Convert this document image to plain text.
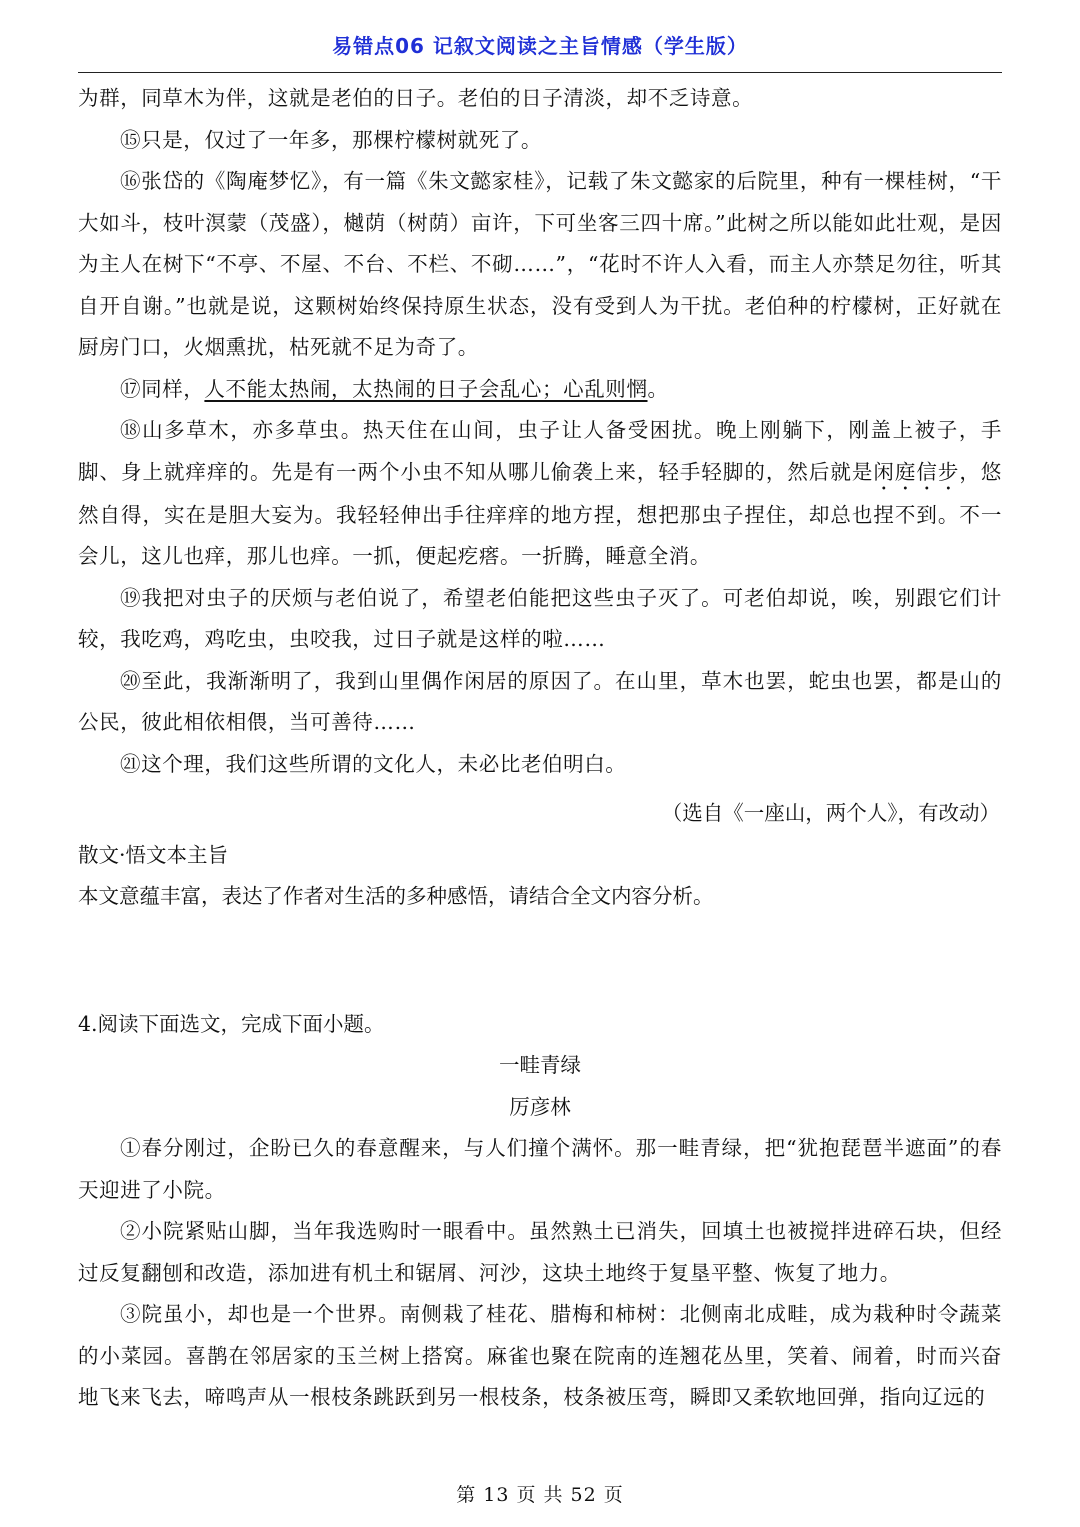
易错点06 记叙文阅读之主旨情感（学生版）

为群，同草木为伴，这就是老伯的日子。老伯的日子清淡，却不乏诗意。

⑮只是，仅过了一年多，那棵柠檬树就死了。

⑯张岱的《陶庵梦忆》，有一篇《朱文懿家桂》，记载了朱文懿家的后院里，种有一棵桂树，“干大如斗，枝叶溟蒙（茂盛），樾荫（树荫）亩许，下可坐客三四十席。”此树之所以能如此壮观，是因为主人在树下“不亭、不屋、不台、不栏、不砌……”，“花时不许人入看，而主人亦禁足勿往，听其自开自谢。”也就是说，这颗树始终保持原生状态，没有受到人为干扰。老伯种的柠檬树，正好就在厨房门口，火烟熏扰，枯死就不足为奇了。

⑰同样，人不能太热闹，太热闹的日子会乱心；心乱则惘。

⑱山多草木，亦多草虫。热天住在山间，虫子让人备受困扰。晚上刚躺下，刚盖上被子，手脚、身上就痒痒的。先是有一两个小虫不知从哪儿偷袭上来，轻手轻脚的，然后就是闲庭信步，悠然自得，实在是胆大妄为。我轻轻伸出手往痒痒的地方捏，想把那虫子捏住，却总也捏不到。不一会儿，这儿也痒，那儿也痒。一抓，便起疙瘩。一折腾，睡意全消。

⑲我把对虫子的厌烦与老伯说了，希望老伯能把这些虫子灭了。可老伯却说，唉，别跟它们计较，我吃鸡，鸡吃虫，虫咬我，过日子就是这样的啦……

⑳至此，我渐渐明了，我到山里偶作闲居的原因了。在山里，草木也罢，蛇虫也罢，都是山的公民，彼此相依相偎，当可善待……

㉑这个理，我们这些所谓的文化人，未必比老伯明白。

（选自《一座山，两个人》，有改动）
散文·悟文本主旨
本文意蕴丰富，表达了作者对生活的多种感悟，请结合全文内容分析。
4.阅读下面选文，完成下面小题。
一畦青绿
厉彦林

①春分刚过，企盼已久的春意醒来，与人们撞个满怀。那一畦青绿，把“犹抱琵琶半遮面”的春天迎进了小院。

②小院紧贴山脚，当年我选购时一眼看中。虽然熟土已消失，回填土也被搅拌进碎石块，但经过反复翻刨和改造，添加进有机土和锯屑、河沙，这块土地终于复垦平整、恢复了地力。

③院虽小，却也是一个世界。南侧栽了桂花、腊梅和柿树：北侧南北成畦，成为栽种时令蔬菜的小菜园。喜鹊在邻居家的玉兰树上搭窝。麻雀也聚在院南的连翘花丛里，笑着、闹着，时而兴奋地飞来飞去，啼鸣声从一根枝条跳跃到另一根枝条，枝条被压弯，瞬即又柔软地回弹，指向辽远的

第 13 页 共 52 页
